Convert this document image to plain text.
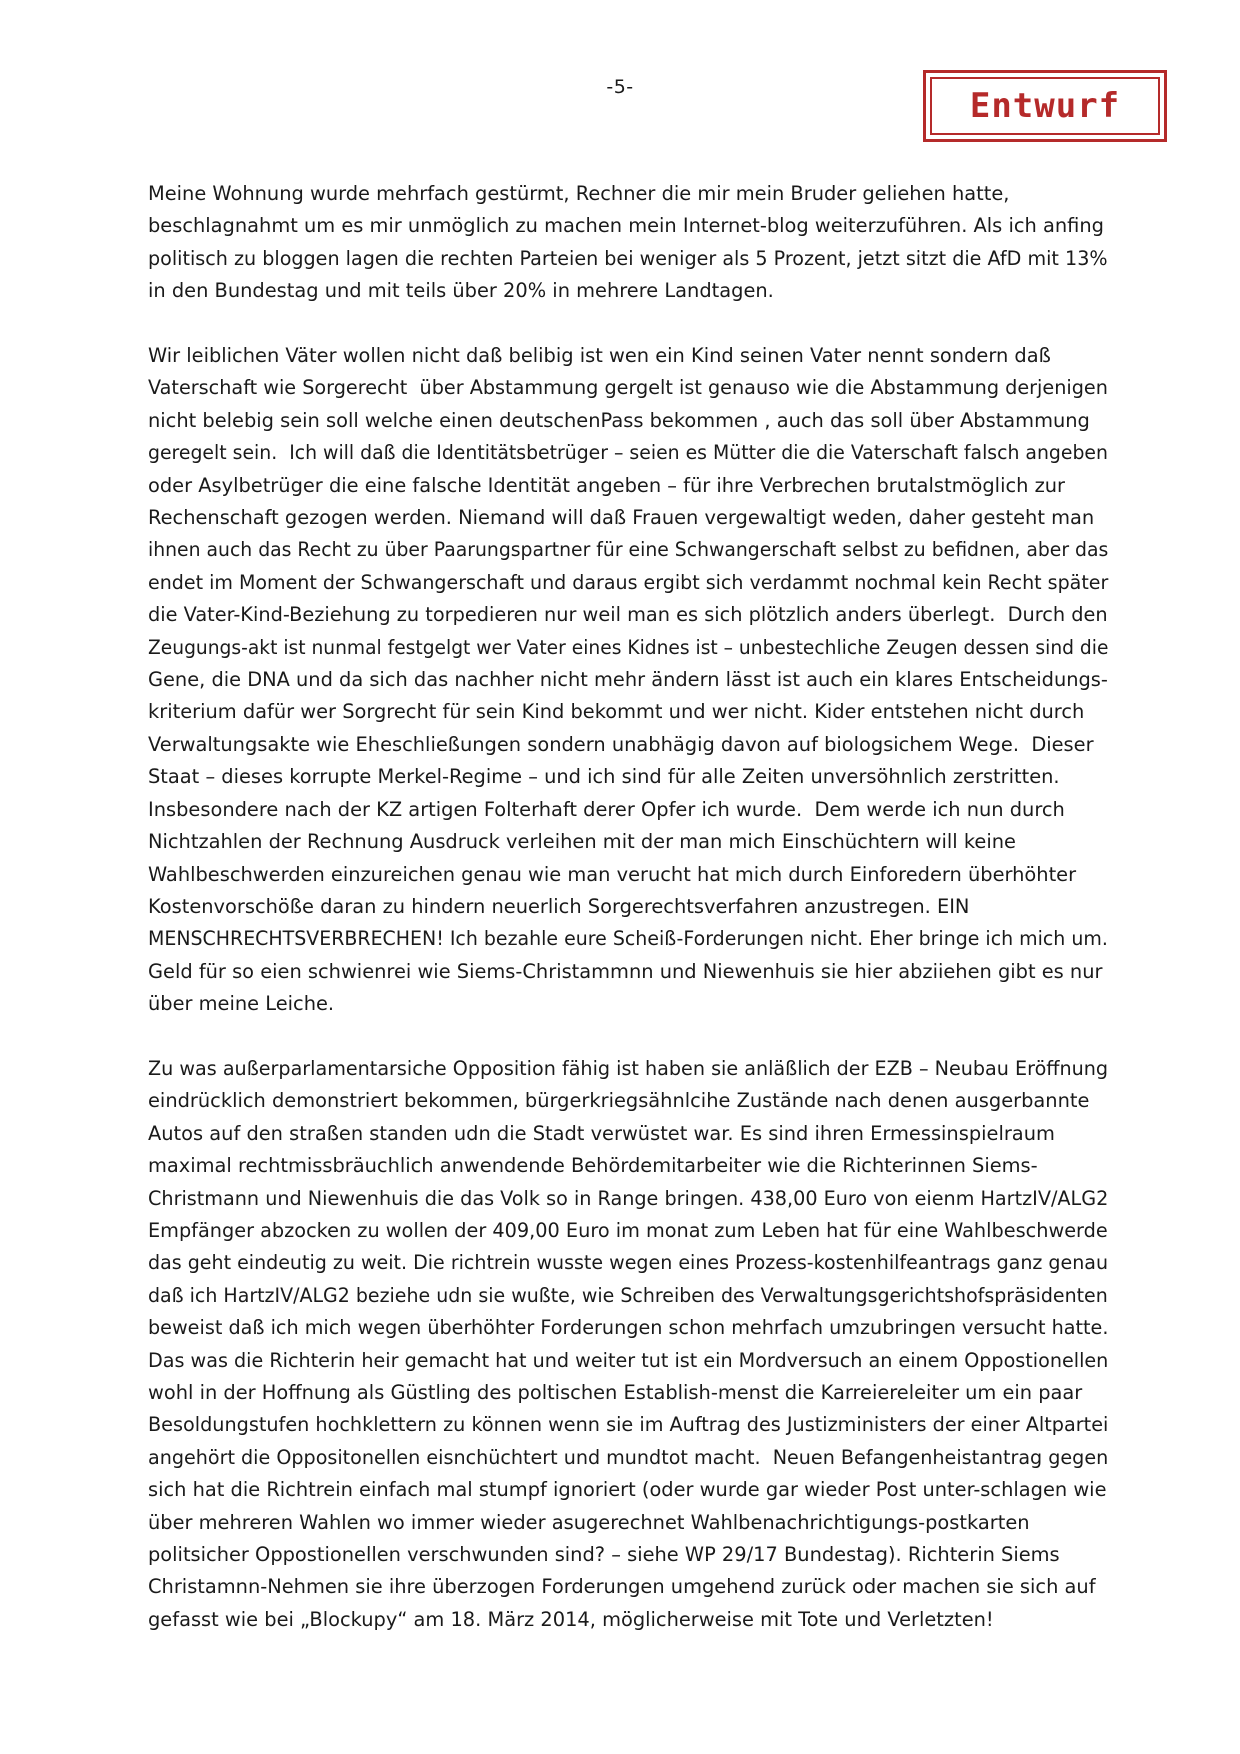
-5-	Entwurf
Meine Wohnung wurde mehrfach gestürmt, Rechner die mir mein Bruder geliehen hatte,
beschlagnahmt um es mir unmöglich zu machen mein Internet-blog weiterzuführen. Als ich anfing
politisch zu bloggen lagen die rechten Parteien bei weniger als 5 Prozent, jetzt sitzt die AfD mit 13%
in den Bundestag und mit teils über 20% in mehrere Landtagen.
Wir leiblichen Väter wollen nicht daß belibig ist wen ein Kind seinen Vater nennt sondern daß
Vaterschaft wie Sorgerecht  über Abstammung gergelt ist genauso wie die Abstammung derjenigen
nicht belebig sein soll welche einen deutschenPass bekommen , auch das soll über Abstammung
geregelt sein.  Ich will daß die Identitätsbetrüger – seien es Mütter die die Vaterschaft falsch angeben
oder Asylbetrüger die eine falsche Identität angeben – für ihre Verbrechen brutalstmöglich zur
Rechenschaft gezogen werden. Niemand will daß Frauen vergewaltigt weden, daher gesteht man
ihnen auch das Recht zu über Paarungspartner für eine Schwangerschaft selbst zu befidnen, aber das
endet im Moment der Schwangerschaft und daraus ergibt sich verdammt nochmal kein Recht später
die Vater-Kind-Beziehung zu torpedieren nur weil man es sich plötzlich anders überlegt.  Durch den
Zeugungs-akt ist nunmal festgelgt wer Vater eines Kidnes ist – unbestechliche Zeugen dessen sind die
Gene, die DNA und da sich das nachher nicht mehr ändern lässt ist auch ein klares Entscheidungs-
kriterium dafür wer Sorgrecht für sein Kind bekommt und wer nicht. Kider entstehen nicht durch
Verwaltungsakte wie Eheschließungen sondern unabhägig davon auf biologsichem Wege.  Dieser
Staat – dieses korrupte Merkel-Regime – und ich sind für alle Zeiten unversöhnlich zerstritten.
Insbesondere nach der KZ artigen Folterhaft derer Opfer ich wurde.  Dem werde ich nun durch
Nichtzahlen der Rechnung Ausdruck verleihen mit der man mich Einschüchtern will keine
Wahlbeschwerden einzureichen genau wie man verucht hat mich durch Einforedern überhöhter
Kostenvorschöße daran zu hindern neuerlich Sorgerechtsverfahren anzustregen. EIN
MENSCHRECHTSVERBRECHEN! Ich bezahle eure Scheiß-Forderungen nicht. Eher bringe ich mich um.
Geld für so eien schwienrei wie Siems-Christammnn und Niewenhuis sie hier abziiehen gibt es nur
über meine Leiche.
Zu was außerparlamentarsiche Opposition fähig ist haben sie anläßlich der EZB – Neubau Eröffnung
eindrücklich demonstriert bekommen, bürgerkriegsähnlcihe Zustände nach denen ausgerbannte
Autos auf den straßen standen udn die Stadt verwüstet war. Es sind ihren Ermessinspielraum
maximal rechtmissbräuchlich anwendende Behördemitarbeiter wie die Richterinnen Siems-
Christmann und Niewenhuis die das Volk so in Range bringen. 438,00 Euro von eienm HartzIV/ALG2
Empfänger abzocken zu wollen der 409,00 Euro im monat zum Leben hat für eine Wahlbeschwerde
das geht eindeutig zu weit. Die richtrein wusste wegen eines Prozess-kostenhilfeantrags ganz genau
daß ich HartzIV/ALG2 beziehe udn sie wußte, wie Schreiben des Verwaltungsgerichtshofspräsidenten
beweist daß ich mich wegen überhöhter Forderungen schon mehrfach umzubringen versucht hatte.
Das was die Richterin heir gemacht hat und weiter tut ist ein Mordversuch an einem Oppostionellen
wohl in der Hoffnung als Güstling des poltischen Establish-menst die Karreiereleiter um ein paar
Besoldungstufen hochklettern zu können wenn sie im Auftrag des Justizministers der einer Altpartei
angehört die Oppositonellen eisnchüchtert und mundtot macht.  Neuen Befangenheistantrag gegen
sich hat die Richtrein einfach mal stumpf ignoriert (oder wurde gar wieder Post unter-schlagen wie
über mehreren Wahlen wo immer wieder asugerechnet Wahlbenachrichtigungs-postkarten
politsicher Oppostionellen verschwunden sind? – siehe WP 29/17 Bundestag). Richterin Siems
Christamnn-Nehmen sie ihre überzogen Forderungen umgehend zurück oder machen sie sich auf
gefasst wie bei „Blockupy“ am 18. März 2014, möglicherweise mit Tote und Verletzten!
